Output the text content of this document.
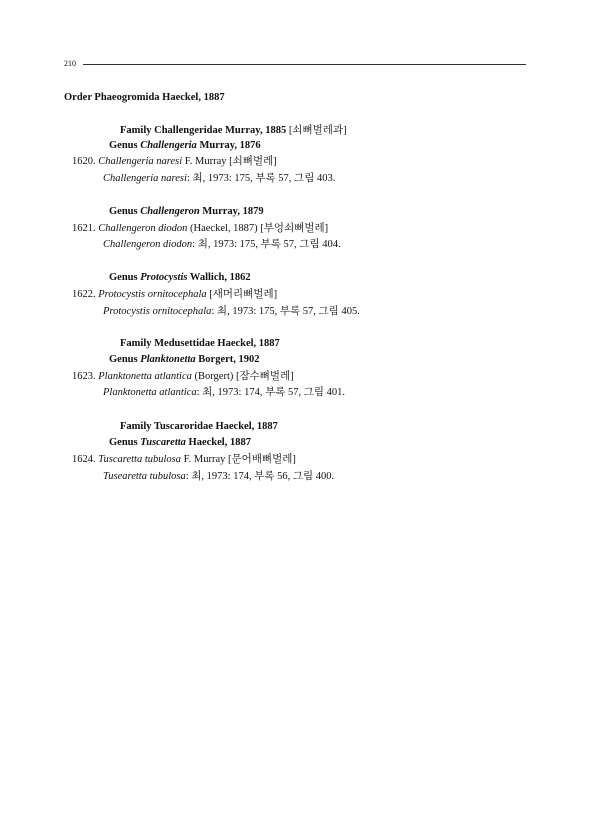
210
Order Phaeogromida Haeckel, 1887
Family Challengeridae Murray, 1885 [쇠뼈벌레과]
Genus Challengeria Murray, 1876
1620. Challengeria naresi F. Murray [쇠뼈벌레]
Challengeria naresi: 최, 1973: 175, 부록 57, 그림 403.
Genus Challengeron Murray, 1879
1621. Challengeron diodon (Haeckel, 1887) [부엉쇠뼈벌레]
Challengeron diodon: 최, 1973: 175, 부록 57, 그림 404.
Genus Protocystis Wallich, 1862
1622. Protocystis ornitocephala [새머리뼈벌레]
Protocystis ornitocephala: 최, 1973: 175, 부록 57, 그림 405.
Family Medusettidae Haeckel, 1887
Genus Planktonetta Borgert, 1902
1623. Planktonetta atlantica (Borgert) [잠수뼈벌레]
Planktonetta atlantica: 최, 1973: 174, 부록 57, 그림 401.
Family Tuscaroridae Haeckel, 1887
Genus Tuscaretta Haeckel, 1887
1624. Tuscaretta tubulosa F. Murray [문어배뼈벌레]
Tusearetta tubulosa: 최, 1973: 174, 부록 56, 그림 400.
